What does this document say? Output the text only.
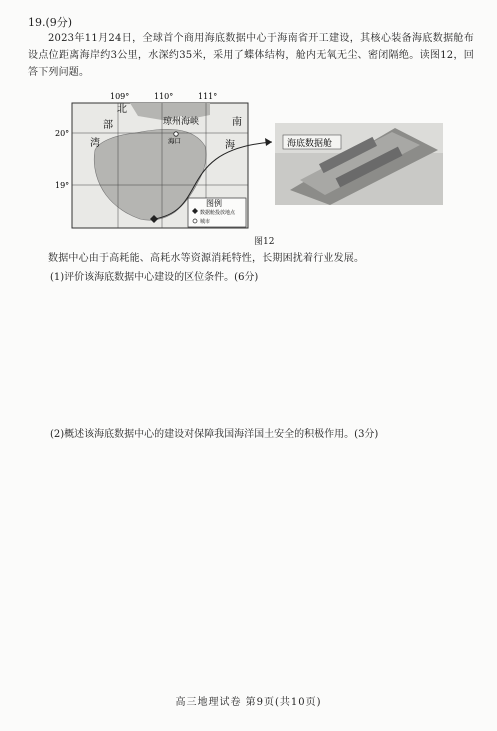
19.(9分)
2023年11月24日，全球首个商用海底数据中心于海南省开工建设，其核心装备海底数据舱布设点位距离海岸约3公里，水深约35米，采用了蝶体结构，舱内无氧无尘、密闭隔绝。读图12，回答下列问题。
109°	110°	111°
20°
19°
北
部
湾
琼州海峡
海口
南
海
图例
数据舱投放地点
城市
海底数据舱
图12
数据中心由于高耗能、高耗水等资源消耗特性，长期困扰着行业发展。
(1)评价该海底数据中心建设的区位条件。(6分)
(2)概述该海底数据中心的建设对保障我国海洋国土安全的积极作用。(3分)
高三地理试卷 第9页(共10页)
